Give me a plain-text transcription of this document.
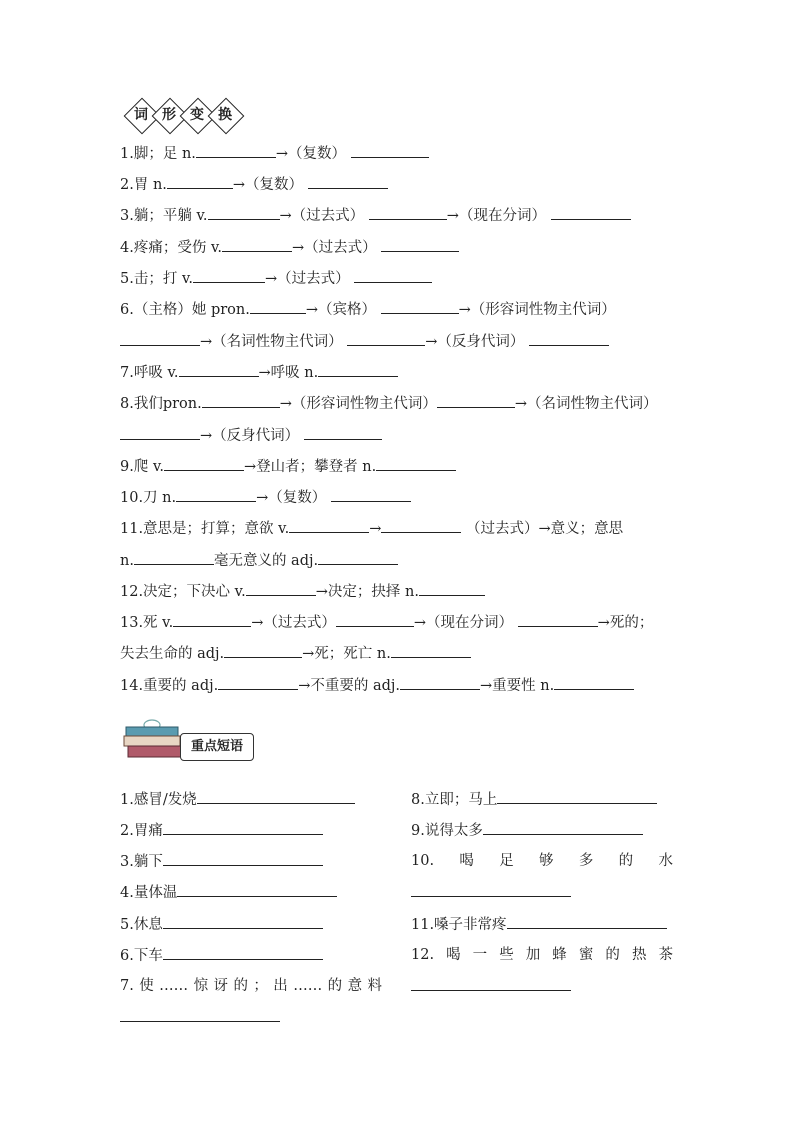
词	形	变	换
1.脚；足 n.	→（复数）
2.胃 n.	→（复数）
3.躺；平躺 v.	→（过去式）	→（现在分词）
4.疼痛；受伤 v.	→（过去式）
5.击；打 v.	→（过去式）
6.（主格）她 pron.	→（宾格）	→（形容词性物主代词）
→（名词性物主代词）	→（反身代词）
7.呼吸 v.	→呼吸 n.
8.我们pron.	→（形容词性物主代词）	→（名词性物主代词）
→（反身代词）
9.爬 v.	→登山者；攀登者 n.
10.刀 n.	→（复数）
11.意思是；打算；意欲 v.	→	（过去式）→意义；意思
n.	毫无意义的 adj.
12.决定；下决心 v.	→决定；抉择 n.
13.死 v.	→（过去式）	→（现在分词）	→死的；
失去生命的 adj.	→死；死亡 n.
14.重要的 adj.	→不重要的 adj.	→重要性 n.
重点短语
1.感冒/发烧
2.胃痛
3.躺下
4.量体温
5.休息
6.下车
7.使……惊讶的；出……的意料
8.立即；马上
9.说得太多
10.喝足够多的水
11.嗓子非常疼
12.喝一些加蜂蜜的热茶
